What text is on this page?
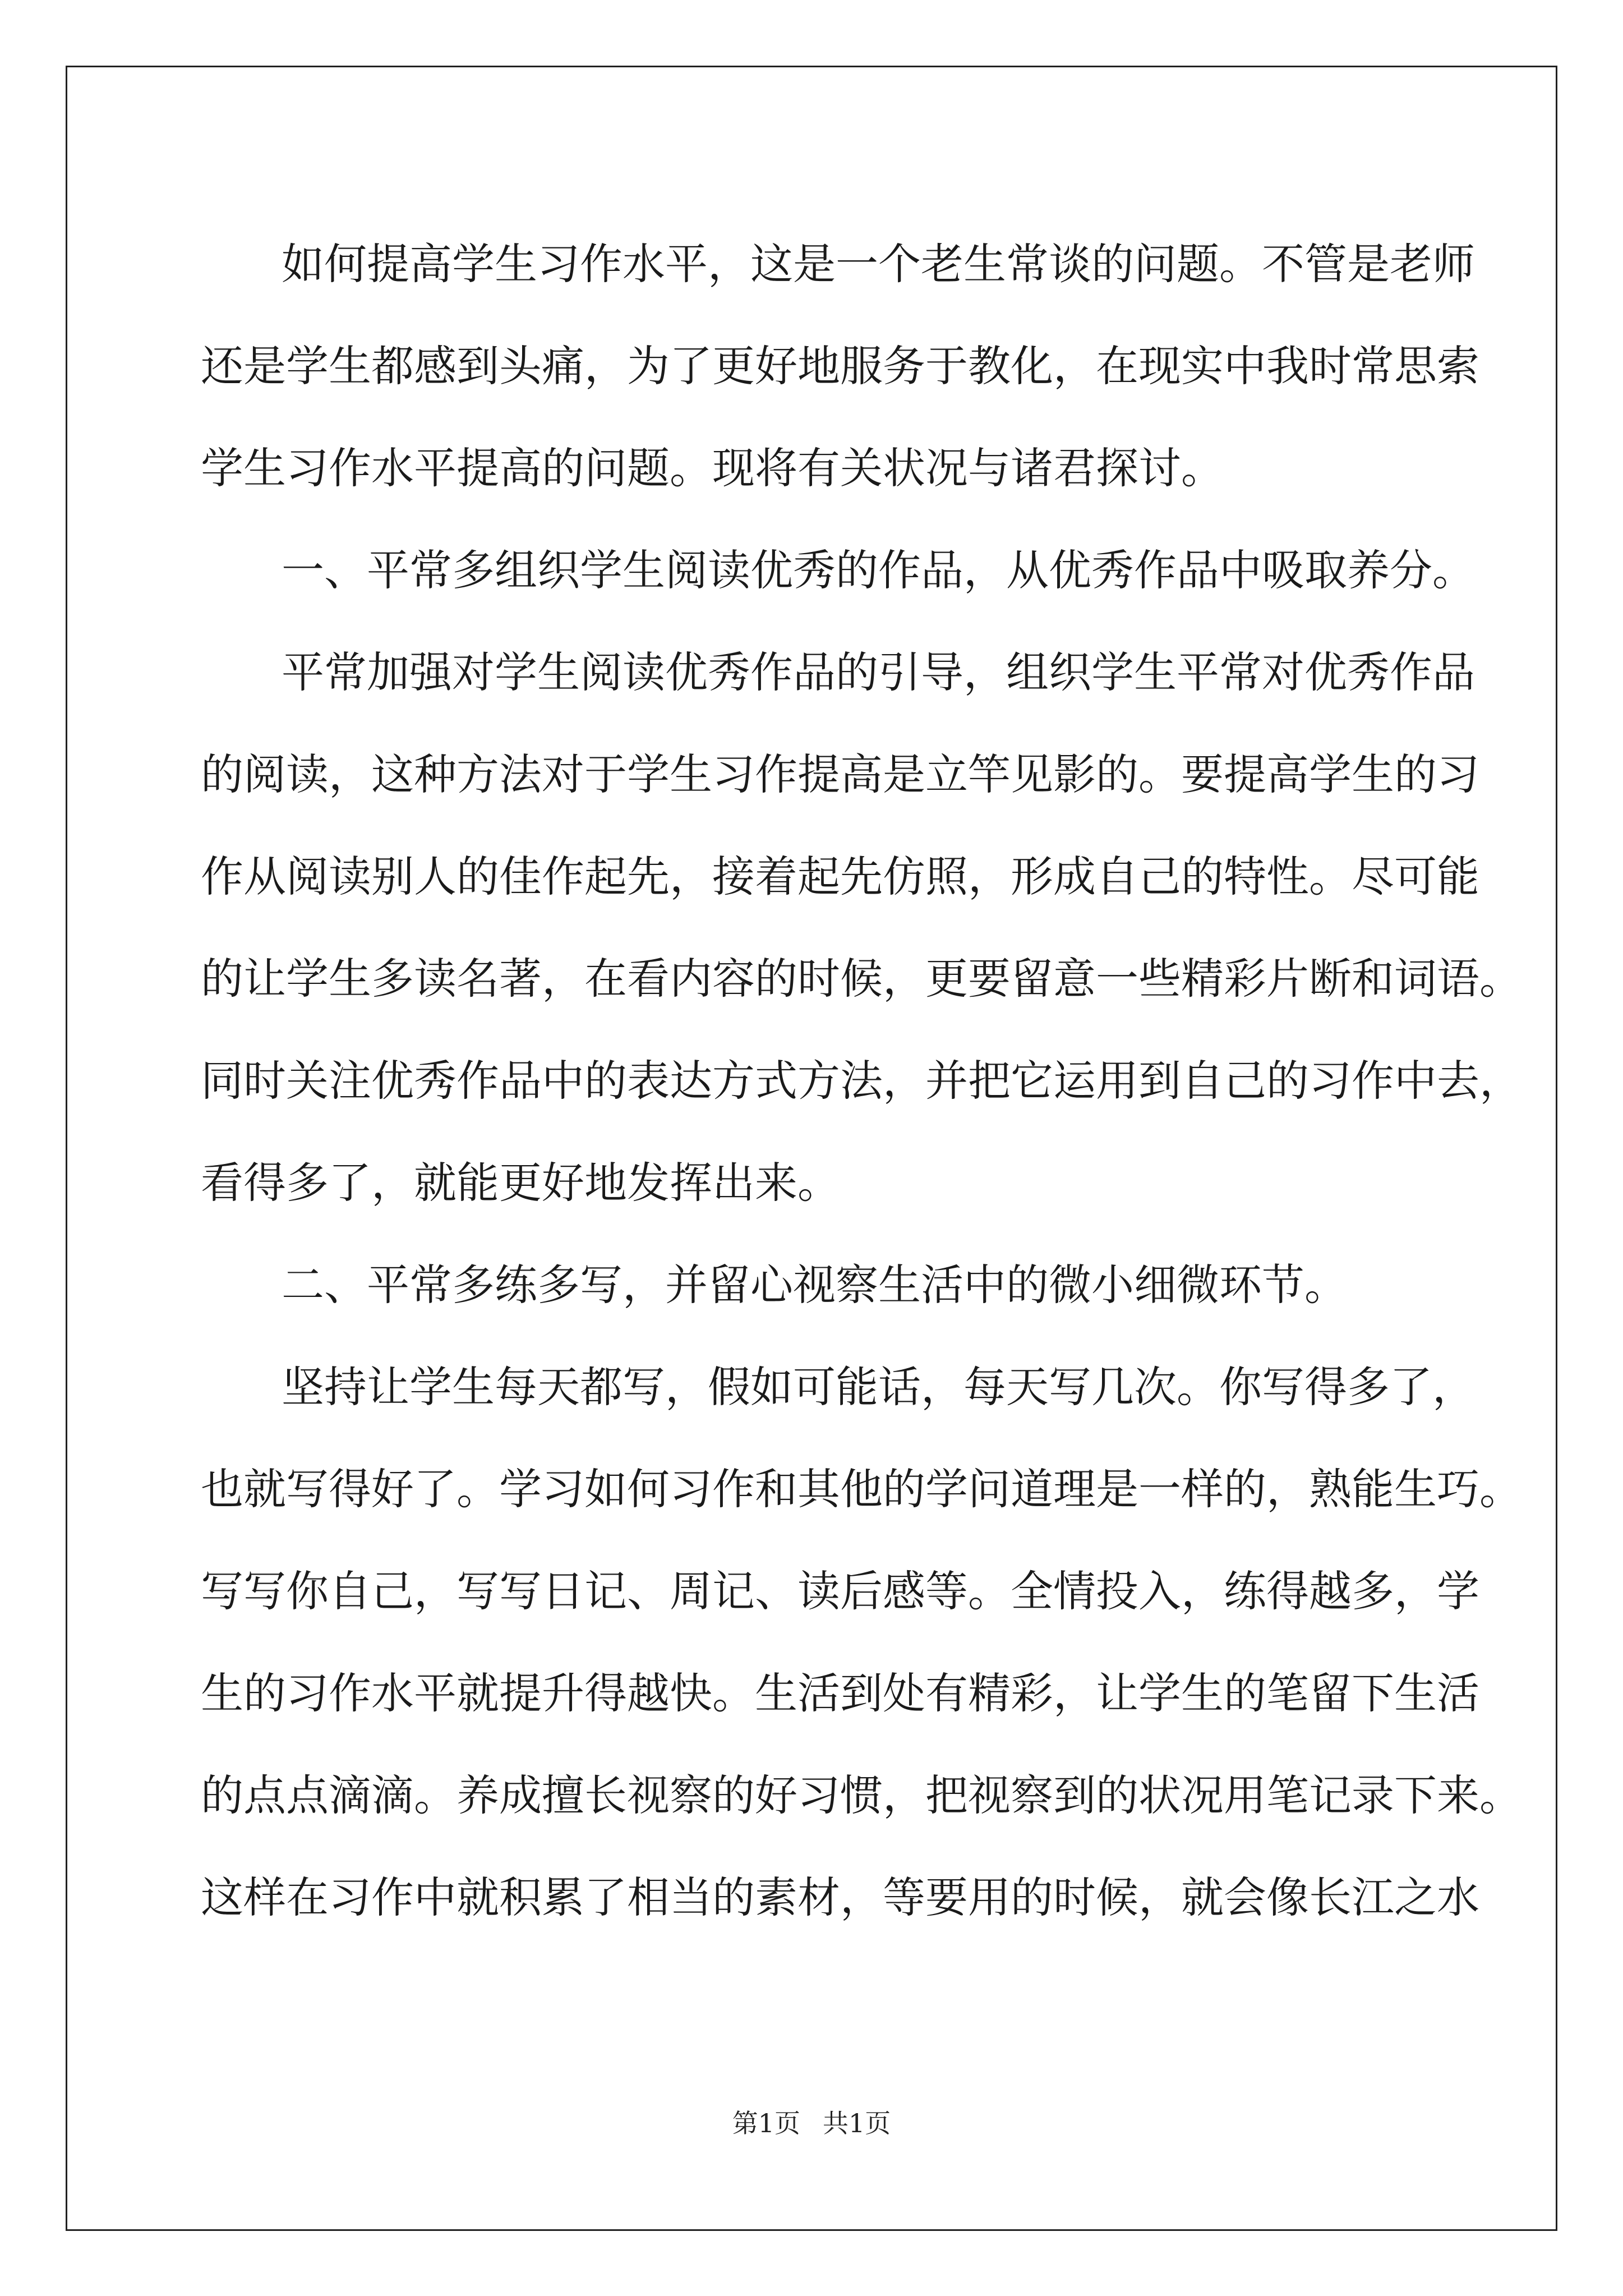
如何提高学生习作水平，这是一个老生常谈的问题。不管是老师
还是学生都感到头痛，为了更好地服务于教化，在现实中我时常思索
学生习作水平提高的问题。现将有关状况与诸君探讨。
一、平常多组织学生阅读优秀的作品，从优秀作品中吸取养分。
平常加强对学生阅读优秀作品的引导，组织学生平常对优秀作品
的阅读，这种方法对于学生习作提高是立竿见影的。要提高学生的习
作从阅读别人的佳作起先，接着起先仿照，形成自己的特性。尽可能
的让学生多读名著，在看内容的时候，更要留意一些精彩片断和词语。
同时关注优秀作品中的表达方式方法，并把它运用到自己的习作中去，
看得多了，就能更好地发挥出来。
二、平常多练多写，并留心视察生活中的微小细微环节。
坚持让学生每天都写，假如可能话，每天写几次。你写得多了，
也就写得好了。学习如何习作和其他的学问道理是一样的，熟能生巧。
写写你自己，写写日记、周记、读后感等。全情投入，练得越多，学
生的习作水平就提升得越快。生活到处有精彩，让学生的笔留下生活
的点点滴滴。养成擅长视察的好习惯，把视察到的状况用笔记录下来。
这样在习作中就积累了相当的素材，等要用的时候，就会像长江之水
第1页 共1页
